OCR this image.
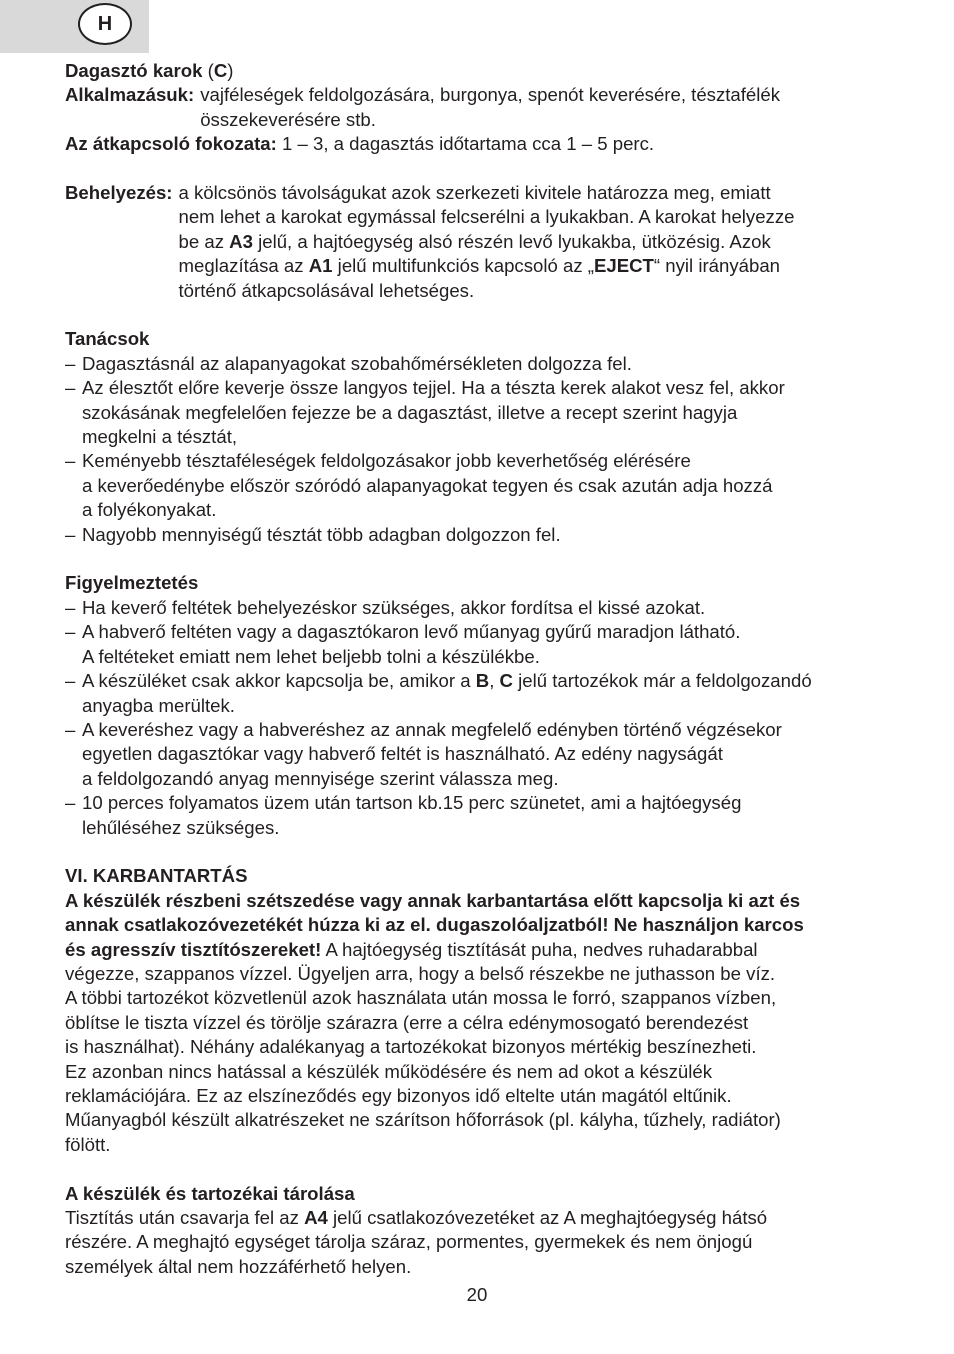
H

Dagasztó karok (C)

Alkalmazásuk: vajféleségek feldolgozására, burgonya, spenót keverésére, tésztafélék

összekeverésére stb.

Az átkapcsoló fokozata: 1 – 3, a dagasztás időtartama cca 1 – 5 perc.

Behelyezés: a kölcsönös távolságukat azok szerkezeti kivitele határozza meg, emiatt

nem lehet a karokat egymással felcserélni a lyukakban. A karokat helyezze

be az A3 jelű, a hajtóegység alsó részén levő lyukakba, ütközésig. Azok

meglazítása az A1 jelű multifunkciós kapcsoló az „EJECT“ nyil irányában

történő átkapcsolásával lehetséges.

Tanácsok

– Dagasztásnál az alapanyagokat szobahőmérsékleten dolgozza fel.

– Az élesztőt előre keverje össze langyos tejjel. Ha a tészta kerek alakot vesz fel, akkor

szokásának megfelelően fejezze be a dagasztást, illetve a recept szerint hagyja

megkelni a tésztát,

– Keményebb tésztaféleségek feldolgozásakor jobb keverhetőség elérésére

a keverőedénybe először szóródó alapanyagokat tegyen és csak azután adja hozzá

a folyékonyakat.

– Nagyobb mennyiségű tésztát több adagban dolgozzon fel.

Figyelmeztetés

– Ha keverő feltétek behelyezéskor szükséges, akkor fordítsa el kissé azokat.

– A habverő feltéten vagy a dagasztókaron levő műanyag gyűrű maradjon látható.

A feltéteket emiatt nem lehet beljebb tolni a készülékbe.

– A készüléket csak akkor kapcsolja be, amikor a B, C jelű tartozékok már a feldolgozandó

anyagba merültek.

– A keveréshez vagy a habveréshez az annak megfelelő edényben történő végzésekor

egyetlen dagasztókar vagy habverő feltét is használható. Az edény nagyságát

a feldolgozandó anyag mennyisége szerint válassza meg.

– 10 perces folyamatos üzem után tartson kb.15 perc szünetet, ami a hajtóegység

lehűléséhez szükséges.

VI. KARBANTARTÁS

A készülék részbeni szétszedése vagy annak karbantartása előtt kapcsolja ki azt és

annak csatlakozóvezetékét húzza ki az el. dugaszolóaljzatból! Ne használjon karcos

és agresszív tisztítószereket! A hajtóegység tisztítását puha, nedves ruhadarabbal

végezze, szappanos vízzel. Ügyeljen arra, hogy a belső részekbe ne juthasson be víz.

A többi tartozékot közvetlenül azok használata után mossa le forró, szappanos vízben,

öblítse le tiszta vízzel és törölje szárazra (erre a célra edénymosogató berendezést

is használhat). Néhány adalékanyag a tartozékokat bizonyos mértékig beszínezheti.

Ez azonban nincs hatással a készülék működésére és nem ad okot a készülék

reklamációjára. Ez az elszíneződés egy bizonyos idő eltelte után magától eltűnik.

Műanyagból készült alkatrészeket ne szárítson hőforrások (pl. kályha, tűzhely, radiátor)

fölött.

A készülék és tartozékai tárolása

Tisztítás után csavarja fel az A4 jelű csatlakozóvezetéket az A meghajtóegység hátsó

részére. A meghajtó egységet tárolja száraz, pormentes, gyermekek és nem önjogú

személyek által nem hozzáférhető helyen.

20
